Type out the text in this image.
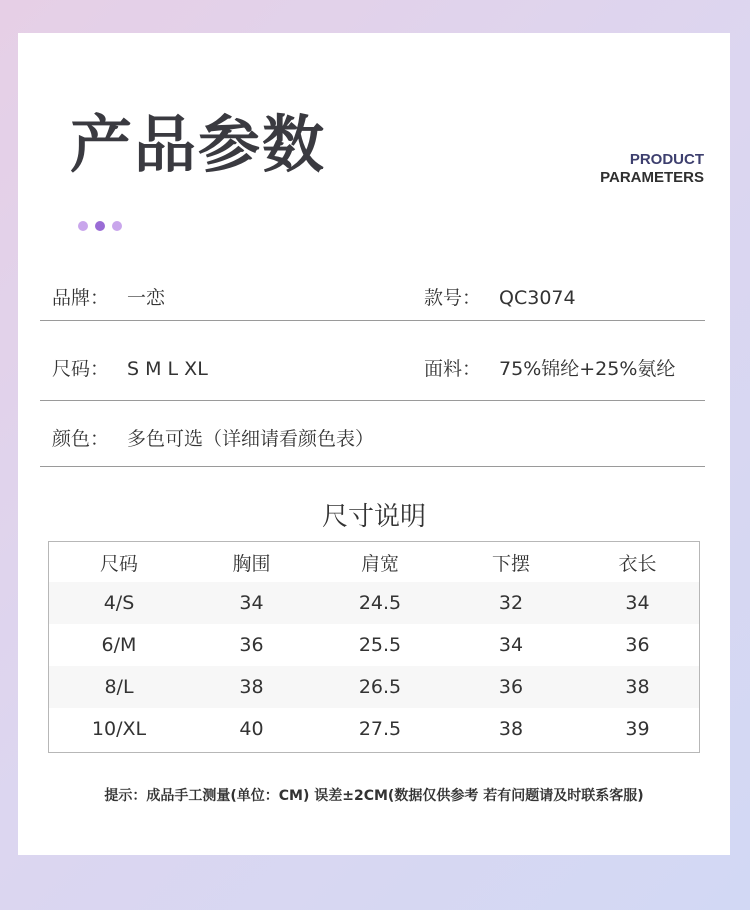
产品参数	PRODUCT
PARAMETERS
品牌： 一恋	款号： QC3074
尺码： S M L XL	面料： 75%锦纶+25%氨纶
颜色： 多色可选（详细请看颜色表）
尺寸说明
尺码	胸围	肩宽	下摆	衣长
4/S	34	24.5	32	34
6/M	36	25.5	34	36
8/L	38	26.5	36	38
10/XL	40	27.5	38	39
提示：成品手工测量(单位：CM) 误差±2CM(数据仅供参考 若有问题请及时联系客服)
